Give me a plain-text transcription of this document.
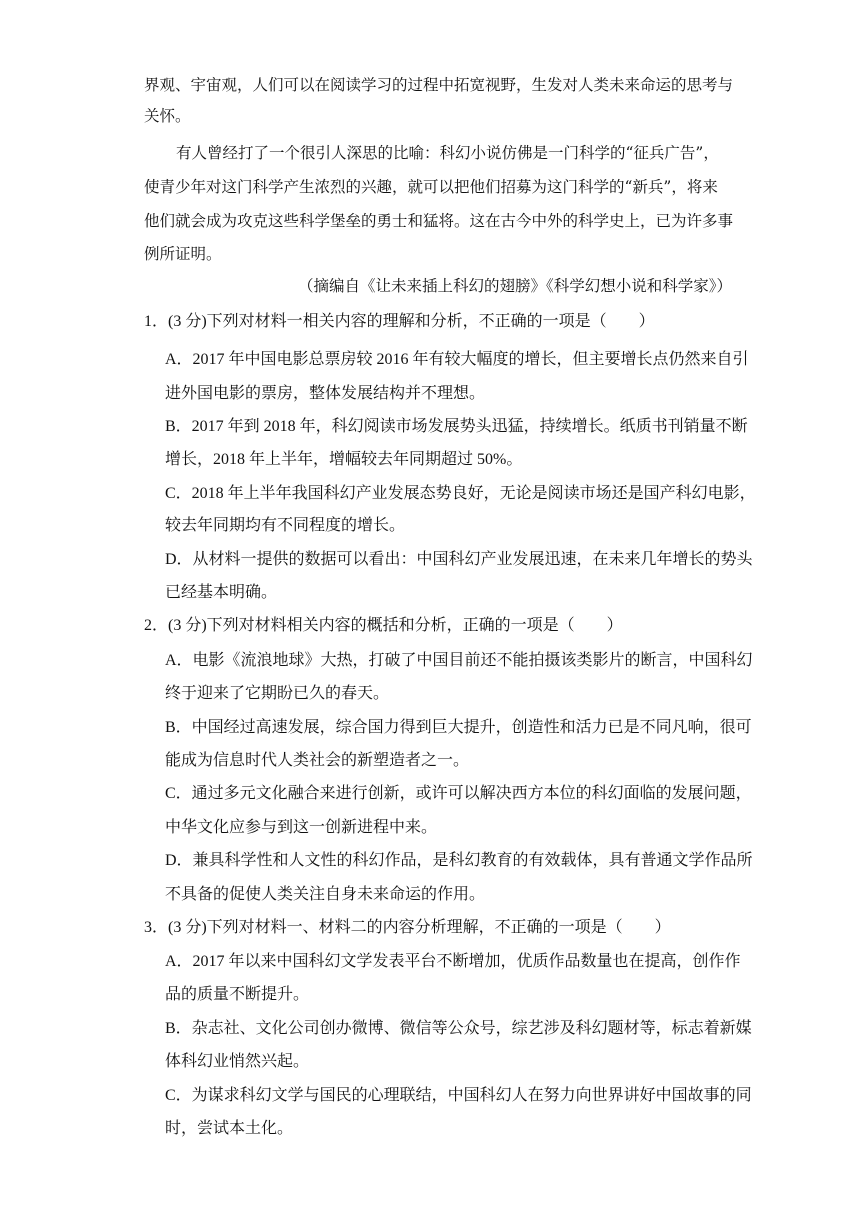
界观、宇宙观，人们可以在阅读学习的过程中拓宽视野，生发对人类未来命运的思考与
关怀。
有人曾经打了一个很引人深思的比喻：科幻小说仿佛是一门科学的“征兵广告”，
使青少年对这门科学产生浓烈的兴趣，就可以把他们招募为这门科学的“新兵”，将来
他们就会成为攻克这些科学堡垒的勇士和猛将。这在古今中外的科学史上，已为许多事
例所证明。
（摘编自《让未来插上科幻的翅膀》《科学幻想小说和科学家》）
1．(3 分)下列对材料一相关内容的理解和分析，不正确的一项是（　　）
A．2017 年中国电影总票房较 2016 年有较大幅度的增长，但主要增长点仍然来自引
进外国电影的票房，整体发展结构并不理想。
B．2017 年到 2018 年，科幻阅读市场发展势头迅猛，持续增长。纸质书刊销量不断
增长，2018 年上半年，增幅较去年同期超过 50%。
C．2018 年上半年我国科幻产业发展态势良好，无论是阅读市场还是国产科幻电影，
较去年同期均有不同程度的增长。
D．从材料一提供的数据可以看出：中国科幻产业发展迅速，在未来几年增长的势头
已经基本明确。
2．(3 分)下列对材料相关内容的概括和分析，正确的一项是（　　）
A．电影《流浪地球》大热，打破了中国目前还不能拍摄该类影片的断言，中国科幻
终于迎来了它期盼已久的春天。
B．中国经过高速发展，综合国力得到巨大提升，创造性和活力已是不同凡响，很可
能成为信息时代人类社会的新塑造者之一。
C．通过多元文化融合来进行创新，或许可以解决西方本位的科幻面临的发展问题，
中华文化应参与到这一创新进程中来。
D．兼具科学性和人文性的科幻作品，是科幻教育的有效载体，具有普通文学作品所
不具备的促使人类关注自身未来命运的作用。
3．(3 分)下列对材料一、材料二的内容分析理解，不正确的一项是（　　）
A．2017 年以来中国科幻文学发表平台不断增加，优质作品数量也在提高，创作作
品的质量不断提升。
B．杂志社、文化公司创办微博、微信等公众号，综艺涉及科幻题材等，标志着新媒
体科幻业悄然兴起。
C．为谋求科幻文学与国民的心理联结，中国科幻人在努力向世界讲好中国故事的同
时，尝试本土化。
